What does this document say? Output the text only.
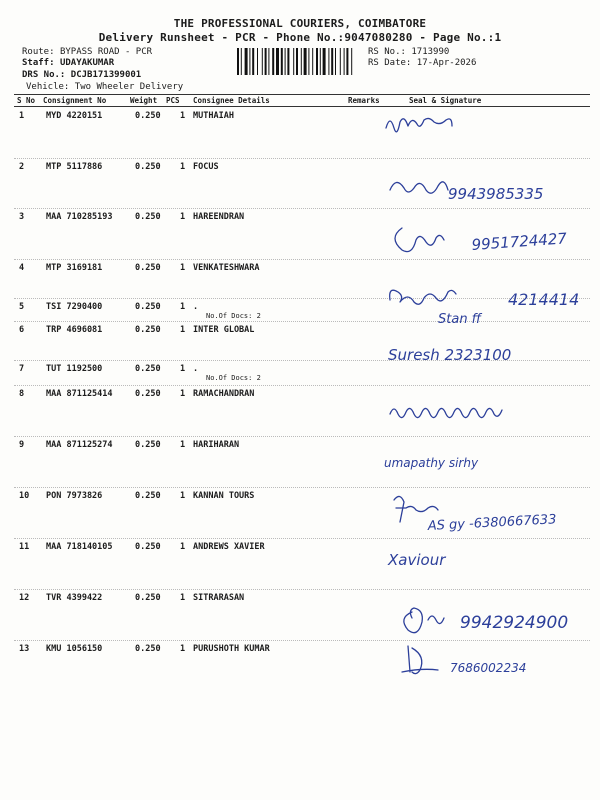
THE PROFESSIONAL COURIERS, COIMBATORE
Delivery Runsheet - PCR - Phone No.:9047080280 - Page No.:1
Route: BYPASS ROAD - PCR
Staff: UDAYAKUMAR
DRS No.: DCJB171399001
Vehicle: Two Wheeler Delivery
RS No.: 1713990
RS Date: 17-Apr-2026
S No Consignment No	Weight PCS Consignee Details	Remarks	Seal & Signature
1	MYD 4220151	0.250 1 MUTHAIAH
2	MTP 5117886	0.250 1 FOCUS
3	MAA 710285193	0.250 1 HAREENDRAN
4	MTP 3169181	0.250 1 VENKATESHWARA
5	TSI 7290400	0.250 1 .
No.Of Docs: 2
6	TRP 4696081	0.250 1 INTER GLOBAL
7	TUT 1192500	0.250 1 .
No.Of Docs: 2
8	MAA 871125414	0.250 1 RAMACHANDRAN
9	MAA 871125274	0.250 1 HARIHARAN
10 PON 7973826	0.250 1 KANNAN TOURS
11 MAA 718140105	0.250 1 ANDREWS XAVIER
12 TVR 4399422	0.250 1 SITRARASAN
13 KMU 1056150	0.250 1 PURUSHOTH KUMAR
9943985335
9951724427
4214414
Stan ff
Suresh 2323100
umapathy sirhy
AS gy -6380667633
Xaviour
9942924900
7686002234
